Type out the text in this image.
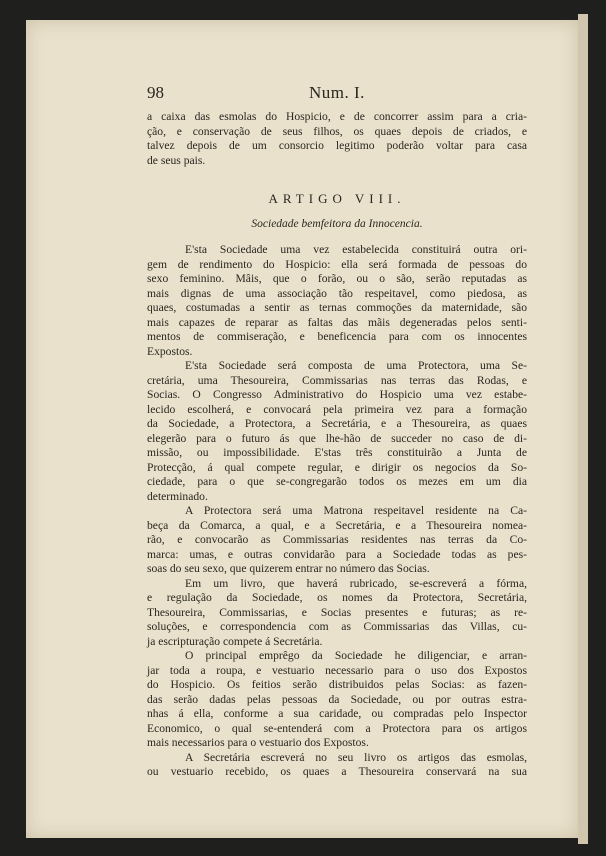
98	Num. I.

a caixa das esmolas do Hospicio, e de concorrer assim para a cria-
ção, e conservação de seus filhos, os quaes depois de criados, e
talvez depois de um consorcio legitimo poderão voltar para casa
de seus pais.

ARTIGO VIII.
Sociedade bemfeitora da Innocencia.

E'sta Sociedade uma vez estabelecida constituirá outra ori-
gem de rendimento do Hospicio: ella será formada de pessoas do
sexo feminino. Mâis, que o forão, ou o são, serão reputadas as
mais dignas de uma associação tão respeitavel, como piedosa, as
quaes, costumadas a sentir as ternas commoções da maternidade, são
mais capazes de reparar as faltas das mãis degeneradas pelos senti-
mentos de commiseração, e beneficencia para com os innocentes
Expostos.

E'sta Sociedade será composta de uma Protectora, uma Se-
cretária, uma Thesoureira, Commissarias nas terras das Rodas, e
Socias. O Congresso Administrativo do Hospicio uma vez estabe-
lecido escolherá, e convocará pela primeira vez para a formação
da Sociedade, a Protectora, a Secretária, e a Thesoureira, as quaes
elegerão para o futuro ás que lhe-hão de succeder no caso de di-
missão, ou impossibilidade. E'stas três constituirão a Junta de
Protecção, á qual compete regular, e dirigir os negocios da So-
ciedade, para o que se-congregarão todos os mezes em um dia
determinado.

A Protectora será uma Matrona respeitavel residente na Ca-
beça da Comarca, a qual, e a Secretária, e a Thesoureira nomea-
rão, e convocarão as Commissarias residentes nas terras da Co-
marca: umas, e outras convidarão para a Sociedade todas as pes-
soas do seu sexo, que quizerem entrar no número das Socias.

Em um livro, que haverá rubricado, se-escreverá a fórma,
e regulação da Sociedade, os nomes da Protectora, Secretária,
Thesoureira, Commissarias, e Socias presentes e futuras; as re-
soluções, e correspondencia com as Commissarias das Villas, cu-
ja escripturação compete á Secretária.

O principal emprêgo da Sociedade he diligenciar, e arran-
jar toda a roupa, e vestuario necessario para o uso dos Expostos
do Hospicio. Os feitios serão distribuidos pelas Socias: as fazen-
das serão dadas pelas pessoas da Sociedade, ou por outras estra-
nhas á ella, conforme a sua caridade, ou compradas pelo Inspector
Economico, o qual se-entenderá com a Protectora para os artigos
mais necessarios para o vestuario dos Expostos.

A Secretária escreverá no seu livro os artigos das esmolas,
ou vestuario recebido, os quaes a Thesoureira conservará na sua
